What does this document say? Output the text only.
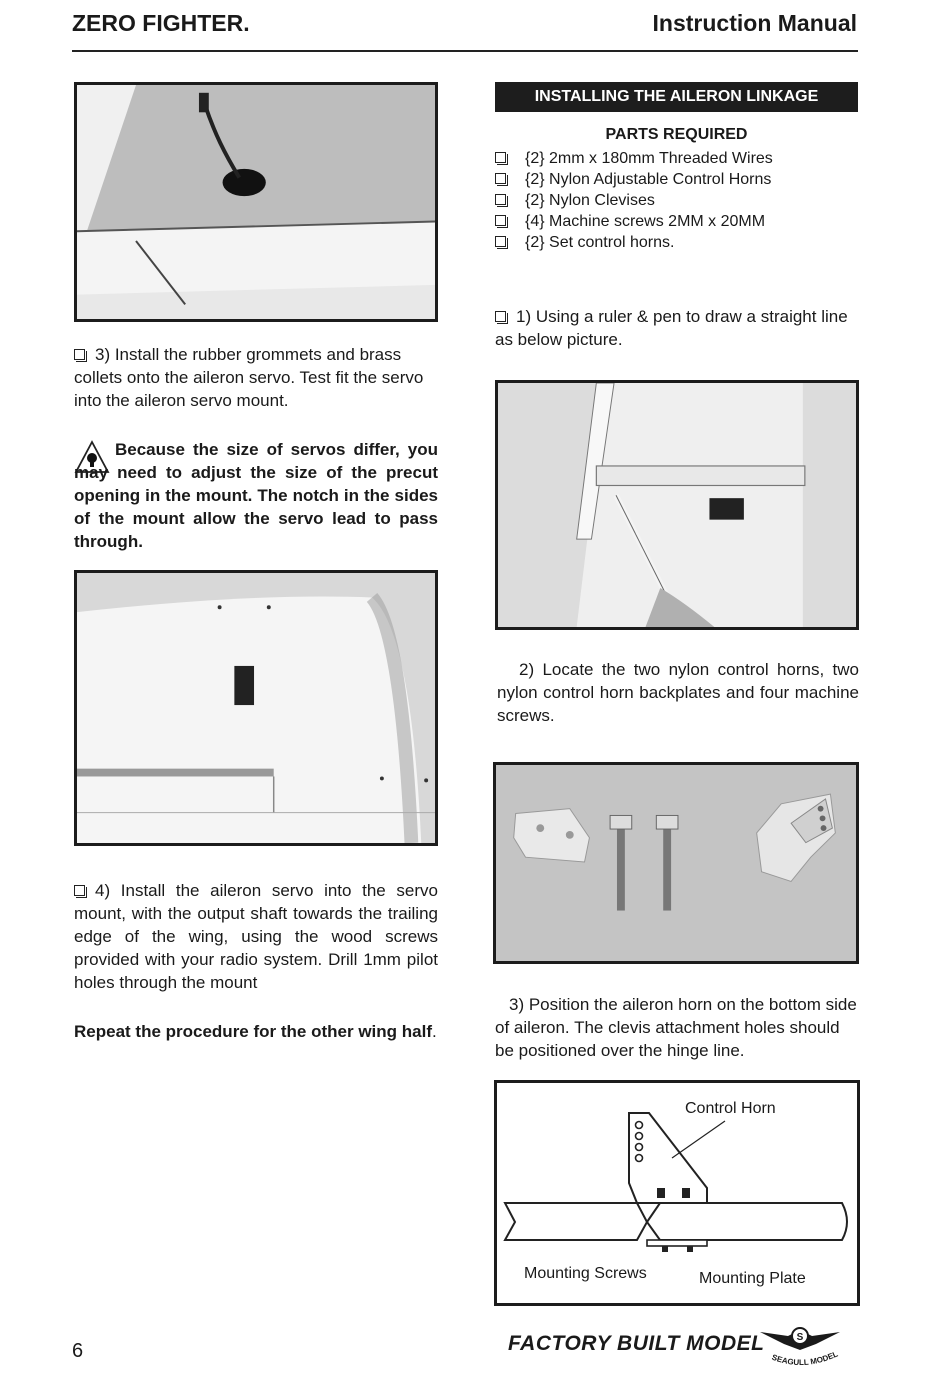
ZERO FIGHTER.	Instruction Manual
3) Install the rubber grommets and brass collets onto the aileron servo. Test fit the servo into the aileron servo mount.
Because the size of servos differ, you may need to adjust the size of the precut opening in the mount. The notch in the sides of the mount allow the servo lead to pass through.
4) Install the aileron servo into the servo mount, with the output shaft towards the trailing edge of the wing, using the wood screws provided with your radio system. Drill 1mm pilot holes through the mount
Repeat the procedure for the other wing half.
INSTALLING THE AILERON LINKAGE
PARTS REQUIRED
{2} 2mm x 180mm Threaded Wires
{2} Nylon Adjustable Control Horns
{2} Nylon Clevises
{4} Machine screws 2MM x 20MM
{2} Set control horns.
1) Using a ruler & pen to draw a straight line as below picture.
2) Locate the two nylon control horns, two nylon control horn backplates and four machine screws.
3) Position the aileron horn on the bottom side of aileron. The clevis attachment holes should be positioned over the hinge line.
Control Horn
Mounting Screws	Mounting Plate
6	FACTORY BUILT MODEL	S
SEAGULL MODEL
